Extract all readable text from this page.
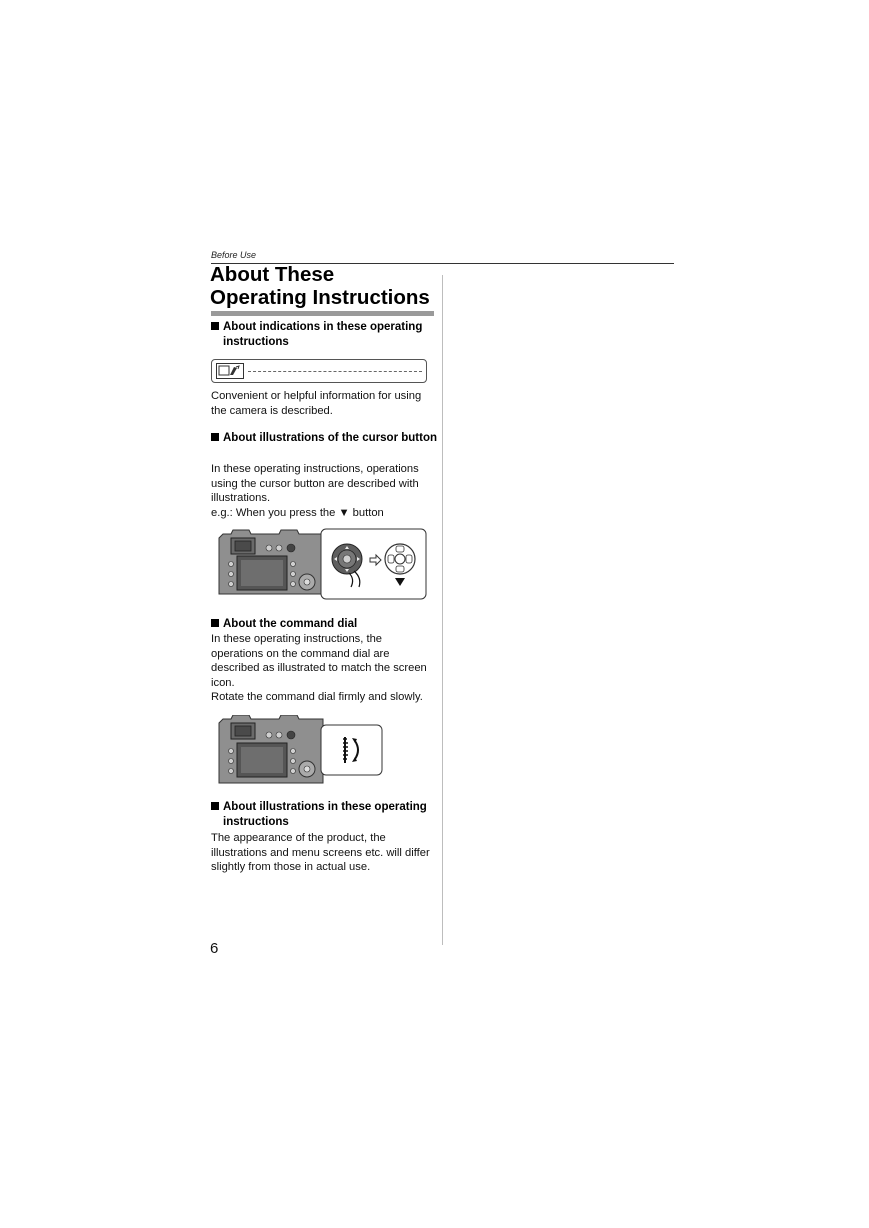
Before Use
About These
Operating Instructions
About indications in these operating instructions

Convenient or helpful information for using the camera is described.

About illustrations of the cursor button

In these operating instructions, operations using the cursor button are described with illustrations.
e.g.: When you press the ▼ button

About the command dial

In these operating instructions, the operations on the command dial are described as illustrated to match the screen icon.
Rotate the command dial firmly and slowly.

About illustrations in these operating instructions

The appearance of the product, the illustrations and menu screens etc. will differ slightly from those in actual use.

6
